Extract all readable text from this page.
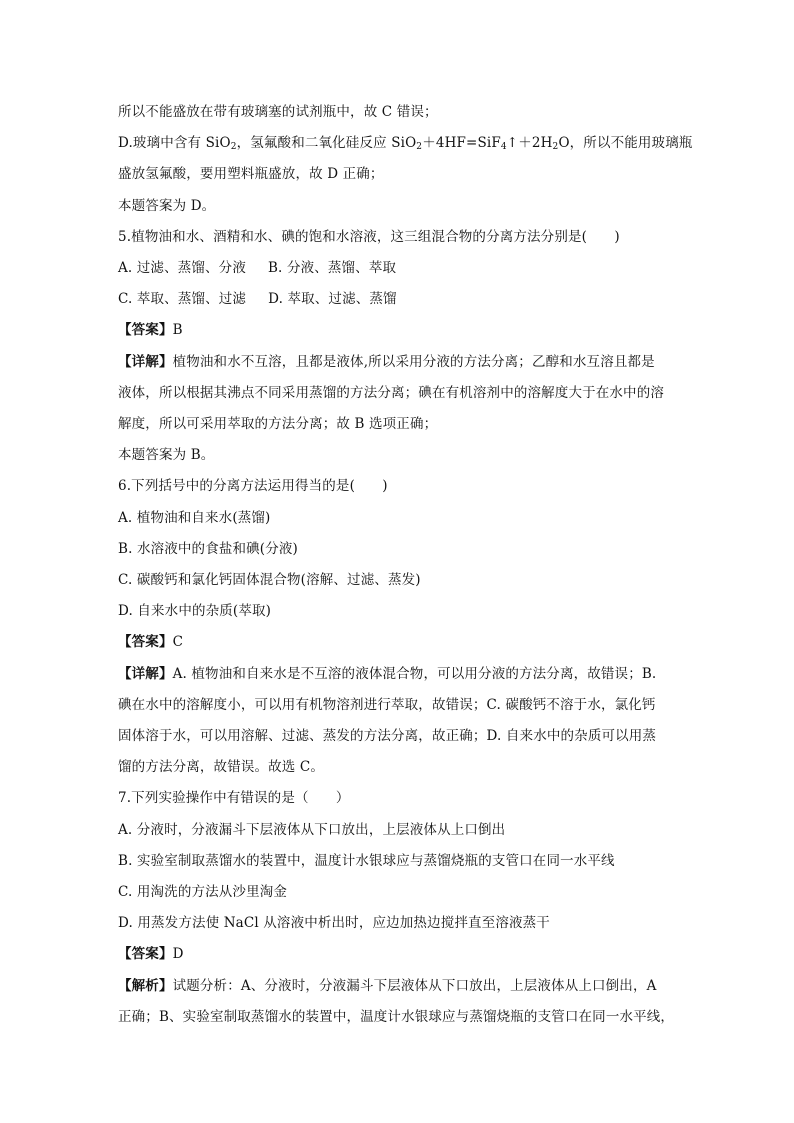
所以不能盛放在带有玻璃塞的试剂瓶中，故 C 错误；
D.玻璃中含有 SiO$_2$，氢氟酸和二氧化硅反应 $SiO_2+4HF=SiF_4↑+2H_2O$，所以不能用玻璃瓶
盛放氢氟酸，要用塑料瓶盛放，故 D 正确；
本题答案为 D。
5.植物油和水、酒精和水、碘的饱和水溶液，这三组混合物的分离方法分别是(　　)
A. 过滤、蒸馏、分液 B. 分液、蒸馏、萃取
C. 萃取、蒸馏、过滤 D. 萃取、过滤、蒸馏
【答案】B
【详解】植物油和水不互溶，且都是液体,所以采用分液的方法分离；乙醇和水互溶且都是
液体，所以根据其沸点不同采用蒸馏的方法分离；碘在有机溶剂中的溶解度大于在水中的溶
解度，所以可采用萃取的方法分离；故 B 选项正确；
本题答案为 B。
6.下列括号中的分离方法运用得当的是(　　)
A. 植物油和自来水(蒸馏)
B. 水溶液中的食盐和碘(分液)
C. 碳酸钙和氯化钙固体混合物(溶解、过滤、蒸发)
D. 自来水中的杂质(萃取)
【答案】C
【详解】A. 植物油和自来水是不互溶的液体混合物，可以用分液的方法分离，故错误；B.
碘在水中的溶解度小，可以用有机物溶剂进行萃取，故错误；C. 碳酸钙不溶于水，氯化钙
固体溶于水，可以用溶解、过滤、蒸发的方法分离，故正确；D. 自来水中的杂质可以用蒸
馏的方法分离，故错误。故选 C。
7.下列实验操作中有错误的是（　　）
A. 分液时，分液漏斗下层液体从下口放出，上层液体从上口倒出
B. 实验室制取蒸馏水的装置中，温度计水银球应与蒸馏烧瓶的支管口在同一水平线
C. 用淘洗的方法从沙里淘金
D. 用蒸发方法使 NaCl 从溶液中析出时，应边加热边搅拌直至溶液蒸干
【答案】D
【解析】试题分析：A、分液时，分液漏斗下层液体从下口放出，上层液体从上口倒出，A
正确；B、实验室制取蒸馏水的装置中，温度计水银球应与蒸馏烧瓶的支管口在同一水平线，
